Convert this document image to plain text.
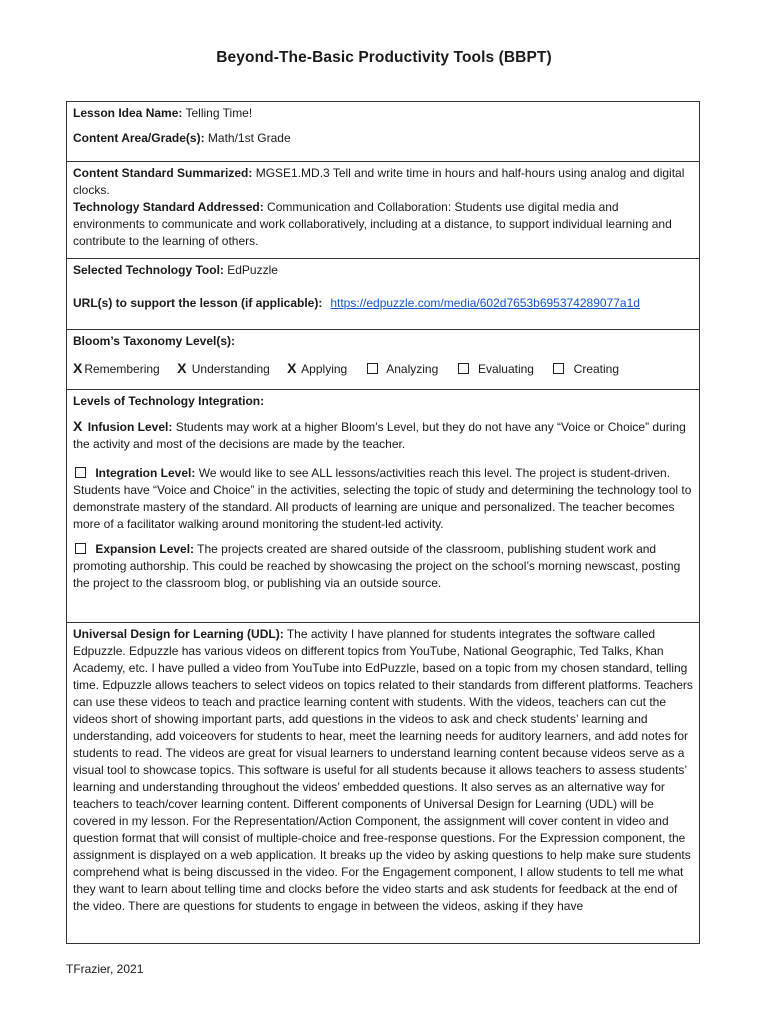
Beyond-The-Basic Productivity Tools (BBPT)

Lesson Idea Name: Telling Time!

Content Area/Grade(s): Math/1st Grade

Content Standard Summarized: MGSE1.MD.3 Tell and write time in hours and half-hours using analog and digital clocks.

Technology Standard Addressed: Communication and Collaboration: Students use digital media and environments to communicate and work collaboratively, including at a distance, to support individual learning and contribute to the learning of others.

Selected Technology Tool: EdPuzzle

URL(s) to support the lesson (if applicable): https://edpuzzle.com/media/602d7653b695374289077a1d

Bloom’s Taxonomy Level(s):

X Remembering X Understanding X Applying	Analyzing	Evaluating	Creating

Levels of Technology Integration:

X Infusion Level: Students may work at a higher Bloom’s Level, but they do not have any “Voice or Choice” during the activity and most of the decisions are made by the teacher.

Integration Level: We would like to see ALL lessons/activities reach this level. The project is student-driven. Students have “Voice and Choice” in the activities, selecting the topic of study and determining the technology tool to demonstrate mastery of the standard. All products of learning are unique and personalized. The teacher becomes more of a facilitator walking around monitoring the student-led activity.

Expansion Level: The projects created are shared outside of the classroom, publishing student work and promoting authorship. This could be reached by showcasing the project on the school’s morning newscast, posting the project to the classroom blog, or publishing via an outside source.

Universal Design for Learning (UDL): The activity I have planned for students integrates the software called Edpuzzle. Edpuzzle has various videos on different topics from YouTube, National Geographic, Ted Talks, Khan Academy, etc. I have pulled a video from YouTube into EdPuzzle, based on a topic from my chosen standard, telling time. Edpuzzle allows teachers to select videos on topics related to their standards from different platforms. Teachers can use these videos to teach and practice learning content with students. With the videos, teachers can cut the videos short of showing important parts, add questions in the videos to ask and check students’ learning and understanding, add voiceovers for students to hear, meet the learning needs for auditory learners, and add notes for students to read. The videos are great for visual learners to understand learning content because videos serve as a visual tool to showcase topics. This software is useful for all students because it allows teachers to assess students’ learning and understanding throughout the videos’ embedded questions. It also serves as an alternative way for teachers to teach/cover learning content. Different components of Universal Design for Learning (UDL) will be covered in my lesson. For the Representation/Action Component, the assignment will cover content in video and question format that will consist of multiple-choice and free-response questions. For the Expression component, the assignment is displayed on a web application. It breaks up the video by asking questions to help make sure students comprehend what is being discussed in the video. For the Engagement component, I allow students to tell me what they want to learn about telling time and clocks before the video starts and ask students for feedback at the end of the video. There are questions for students to engage in between the videos, asking if they have

TFrazier, 2021
